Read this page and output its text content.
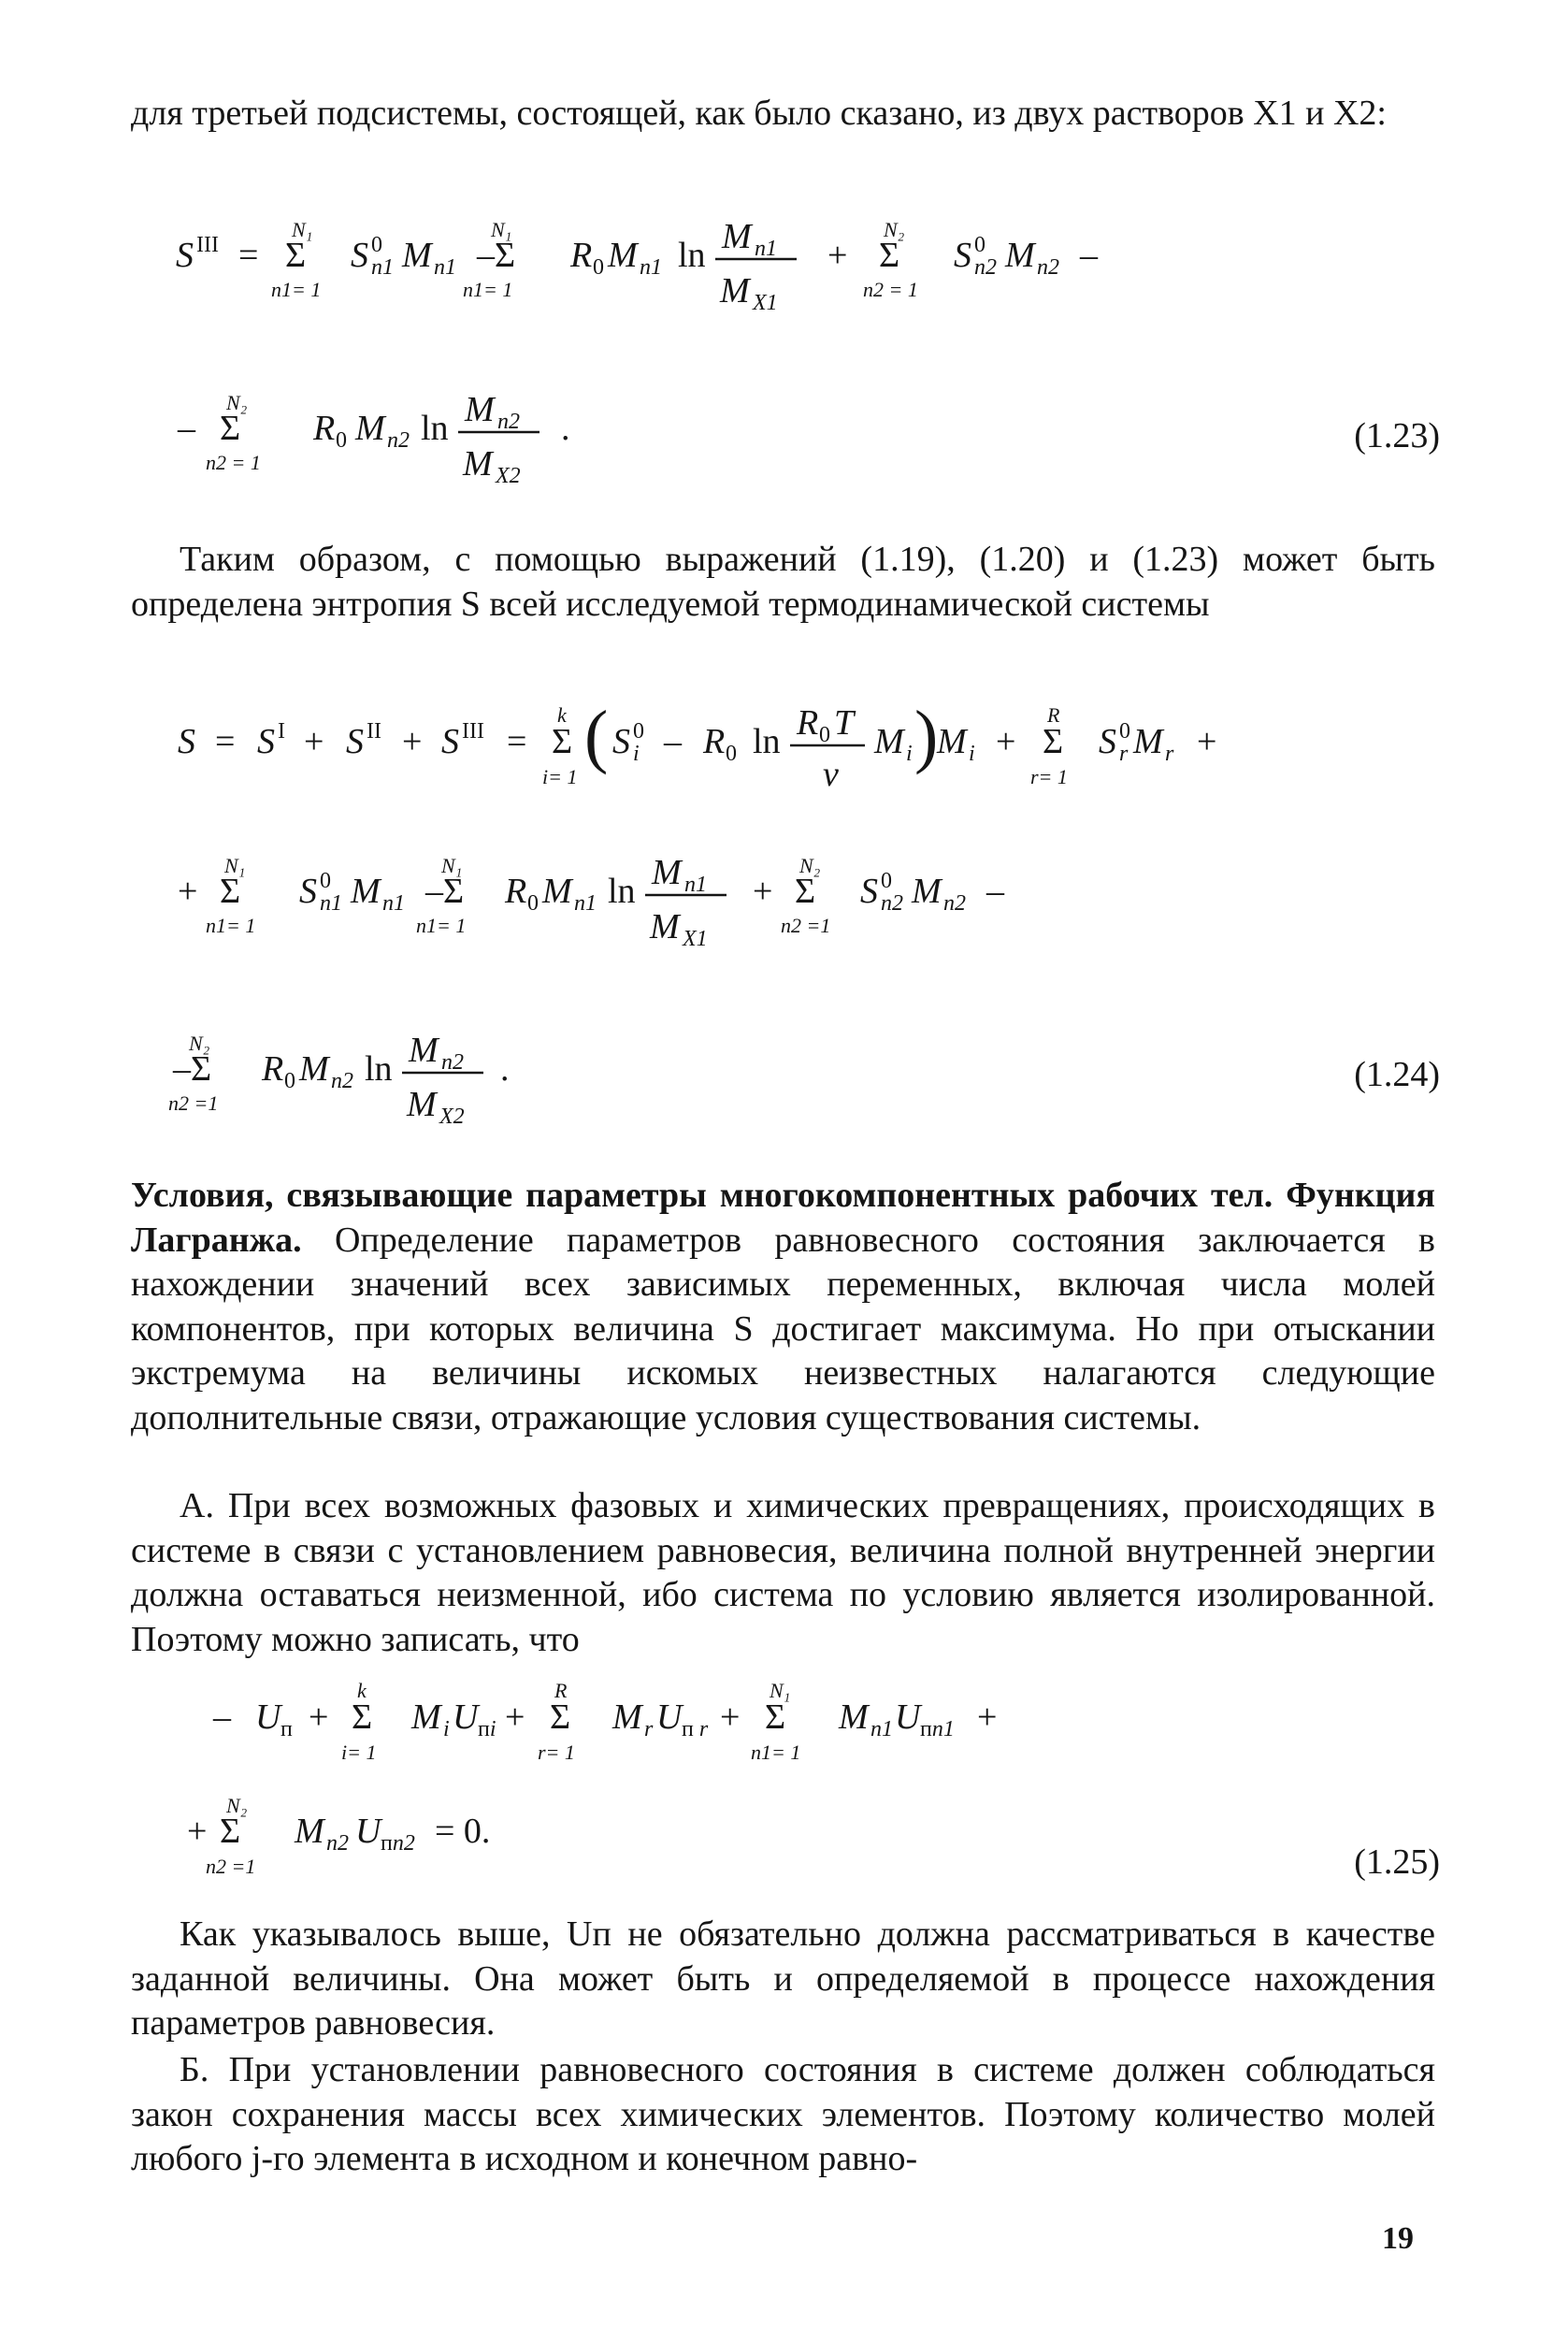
для третьей подсистемы, состоящей, как было сказано, из двух растворов X1 и X2:

S III = Σ
N₁
n1= 1
S 0
n1 M n1 –Σ
N₁
n1= 1
R 0 M n1 ln M n1
M X1
+ Σ
N₂
n2 = 1
S 0
n2 M n2 –
– Σ
N₂
n2 = 1
R 0 M n2 ln M n2
M X2
.	(1.23)

Таким образом, с помощью выражений (1.19), (1.20) и (1.23) может быть определена энтропия S всей исследуемой термодинамической системы

S = S I + S II + S III = Σ
k
i= 1
( S 0
i – R 0 ln R 0 T
ν
M i )
M i + Σ
R
r= 1
S 0
r M r +
+ Σ
N₁
n1= 1
S 0
n1 M n1 –Σ
N₁
n1= 1
R 0 M n1 ln M n1
M X1
+ Σ
N₂
n2 =1
S 0
n2 M n2 –
–Σ
N₂
n2 =1
R 0 M n2 ln M n2
M X2
.	(1.24)

Условия, связывающие параметры многокомпонентных рабочих тел. Функция Лагранжа. Определение параметров равновесного состояния заключается в нахождении значений всех зависимых переменных, включая числа молей компонентов, при которых величина S достигает максимума. Но при отыскании экстремума на величины искомых неизвестных налагаются следующие дополнительные связи, отражающие условия существования системы.

А. При всех возможных фазовых и химических превращениях, происходящих в системе в связи с установлением равновесия, величина полной внутренней энергии должна оставаться неизменной, ибо система по условию является изолированной. Поэтому можно записать, что

– U п + Σ
k
i= 1
M i U пi + Σ
R
r= 1
M r U п r + Σ
N₁
n1= 1
M n1 U пn1 +
+ Σ
N₂
n2 =1
M n2 U пn2 = 0.
(1.25)

Как указывалось выше, Uп не обязательно должна рассматриваться в качестве заданной величины. Она может быть и определяемой в процессе нахождения параметров равновесия.

Б. При установлении равновесного состояния в системе должен соблюдаться закон сохранения массы всех химических элементов. Поэтому количество молей любого j-го элемента в исходном и конечном равно-

19
